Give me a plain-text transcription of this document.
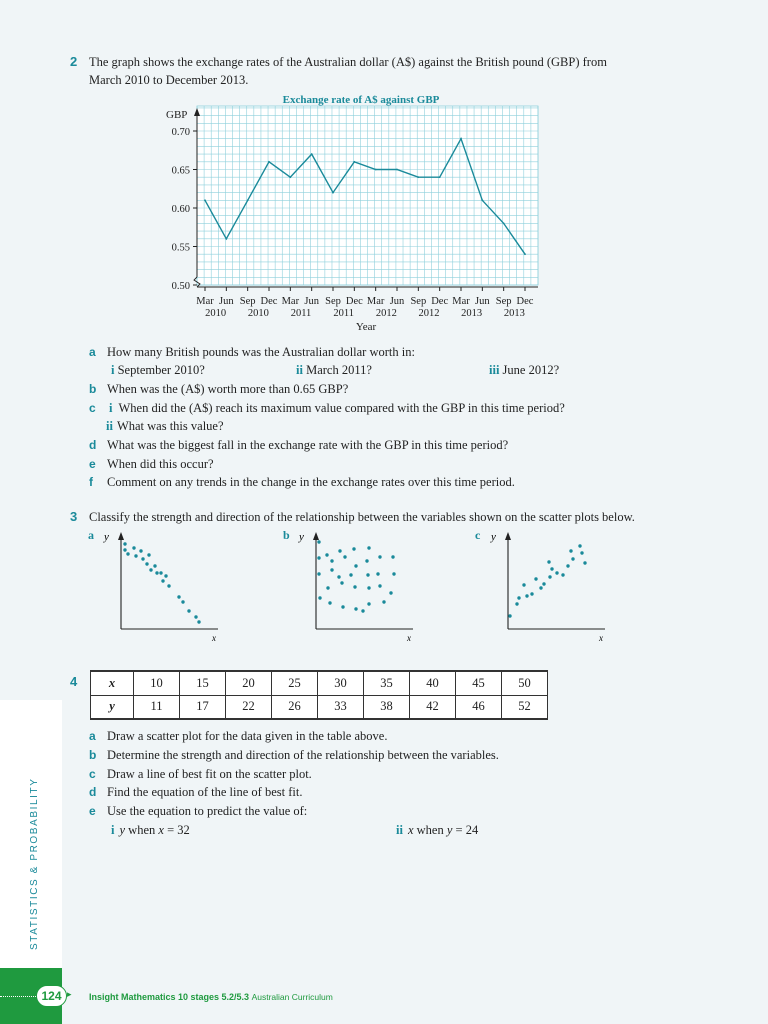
2 The graph shows the exchange rates of the Australian dollar (A$) against the British pound (GBP) from
March 2010 to December 2013.
Exchange rate of A$ against GBP
GBP
Year
0.50
0.55
0.60
0.65
0.70
Mar Jun Sep Dec Mar Jun Sep Dec Mar Jun Sep Dec Mar Jun Sep Dec
2010 2010 2011 2011 2012 2012 2013 2013
a How many British pounds was the Australian dollar worth in:
i September 2010?	ii March 2011?	iii June 2012?
b When was the (A$) worth more than 0.65 GBP?
c i When did the (A$) reach its maximum value compared with the GBP in this time period?
ii What was this value?
d What was the biggest fall in the exchange rate with the GBP in this time period?
e When did this occur?
f Comment on any trends in the change in the exchange rates over this time period.
3 Classify the strength and direction of the relationship between the variables shown on the scatter plots below.
a y
x
b y
x
c y
x
4	x	10	15	20	25	30	35	40	45	50
y	11	17	22	26	33	38	42	46	52
a Draw a scatter plot for the data given in the table above.
b Determine the strength and direction of the relationship between the variables.
c Draw a line of best fit on the scatter plot.
d Find the equation of the line of best fit.
e Use the equation to predict the value of:
i y when x = 32	ii x when y = 24
STATISTICS & PROBABILITY
124 ▸ Insight Mathematics 10 stages 5.2/5.3 Australian Curriculum
